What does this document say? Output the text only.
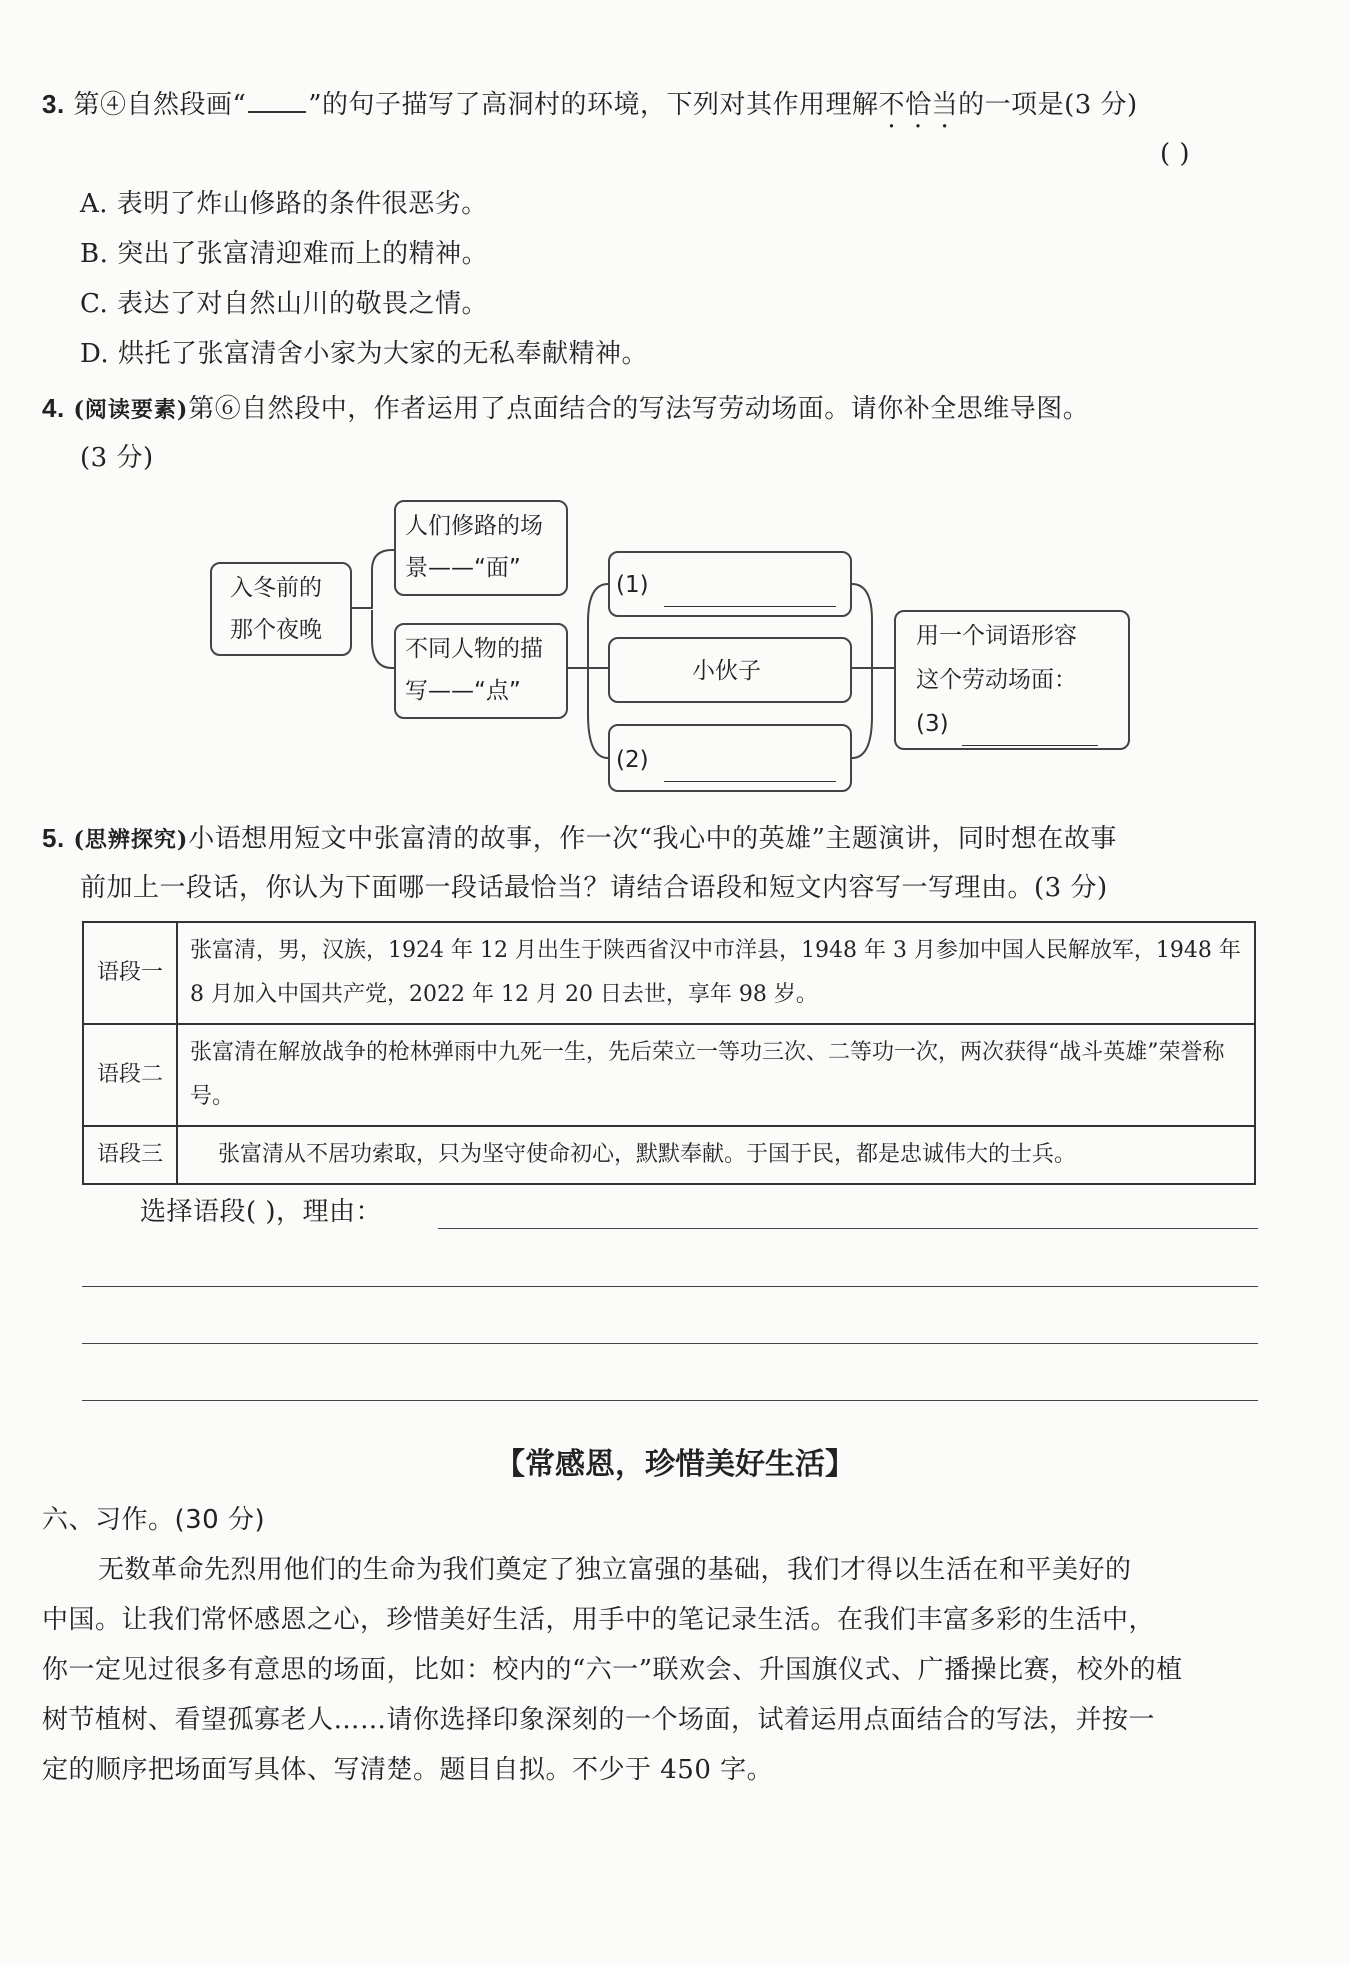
3. 第④自然段画“ ”的句子描写了高洞村的环境，下列对其作用理解不恰当的一项是(3 分)
( )
A. 表明了炸山修路的条件很恶劣。
B. 突出了张富清迎难而上的精神。
C. 表达了对自然山川的敬畏之情。
D. 烘托了张富清舍小家为大家的无私奉献精神。
4. (阅读要素)第⑥自然段中，作者运用了点面结合的写法写劳动场面。请你补全思维导图。
(3 分)
入冬前的
那个夜晚
人们修路的场
景——“面”
不同人物的描
写——“点”
(1)
小伙子
(2)
用一个词语形容
这个劳动场面：
(3)
5. (思辨探究)小语想用短文中张富清的故事，作一次“我心中的英雄”主题演讲，同时想在故事
前加上一段话，你认为下面哪一段话最恰当？请结合语段和短文内容写一写理由。(3 分)
语段一	张富清，男，汉族，1924 年 12 月出生于陕西省汉中市洋县，1948 年 3 月参加中国人民解放军，1948 年 8 月加入中国共产党，2022 年 12 月 20 日去世，享年 98 岁。
语段二	张富清在解放战争的枪林弹雨中九死一生，先后荣立一等功三次、二等功一次，两次获得“战斗英雄”荣誉称号。
语段三	张富清从不居功索取，只为坚守使命初心，默默奉献。于国于民，都是忠诚伟大的士兵。
选择语段( )，理由：
【常感恩，珍惜美好生活】
六、习作。(30 分)
无数革命先烈用他们的生命为我们奠定了独立富强的基础，我们才得以生活在和平美好的
中国。让我们常怀感恩之心，珍惜美好生活，用手中的笔记录生活。在我们丰富多彩的生活中，
你一定见过很多有意思的场面，比如：校内的“六一”联欢会、升国旗仪式、广播操比赛，校外的植
树节植树、看望孤寡老人……请你选择印象深刻的一个场面，试着运用点面结合的写法，并按一
定的顺序把场面写具体、写清楚。题目自拟。不少于 450 字。
